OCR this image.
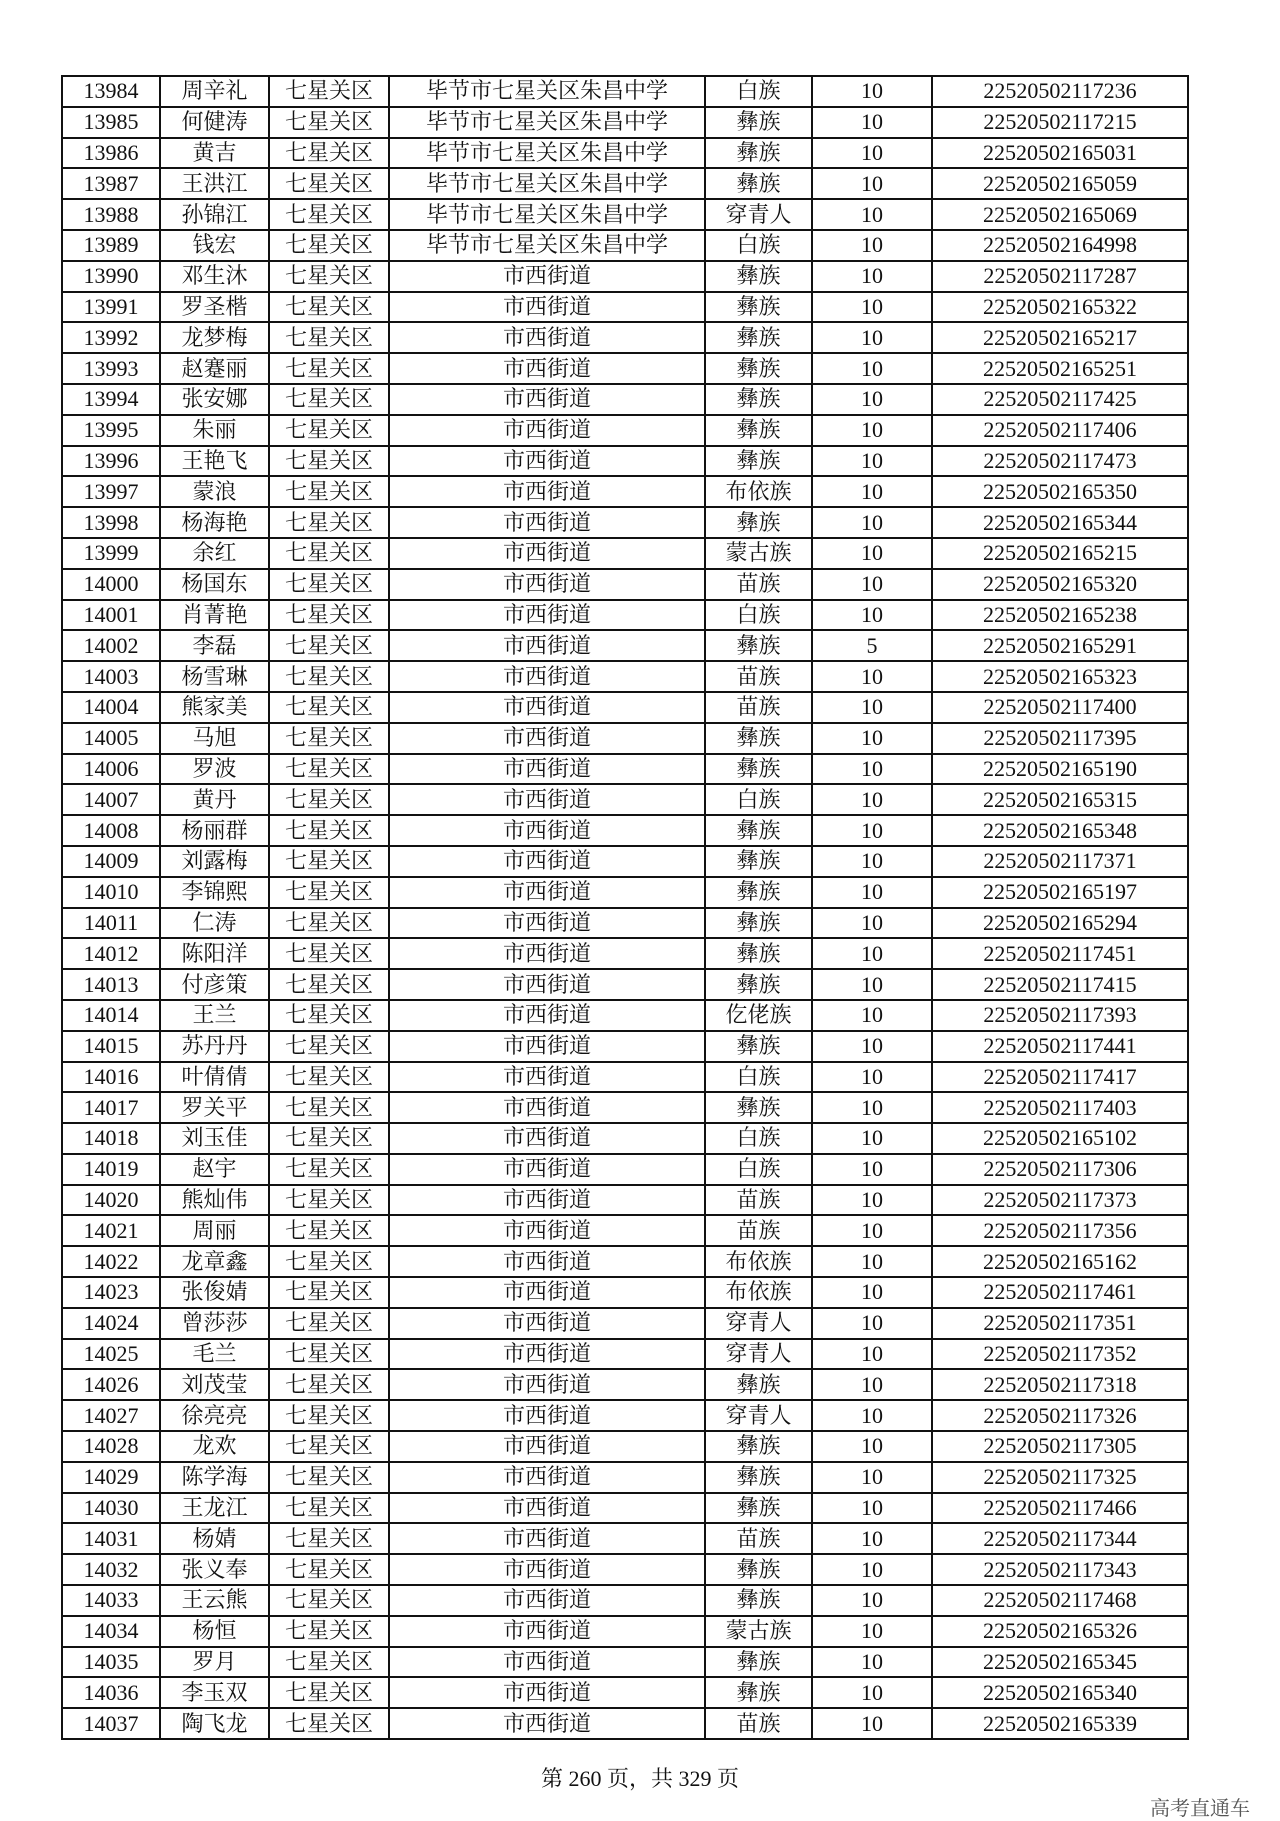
13984	周辛礼	七星关区	毕节市七星关区朱昌中学	白族	10	22520502117236
13985	何健涛	七星关区	毕节市七星关区朱昌中学	彝族	10	22520502117215
13986	黄吉	七星关区	毕节市七星关区朱昌中学	彝族	10	22520502165031
13987	王洪江	七星关区	毕节市七星关区朱昌中学	彝族	10	22520502165059
13988	孙锦江	七星关区	毕节市七星关区朱昌中学	穿青人	10	22520502165069
13989	钱宏	七星关区	毕节市七星关区朱昌中学	白族	10	22520502164998
13990	邓生沐	七星关区	市西街道	彝族	10	22520502117287
13991	罗圣楷	七星关区	市西街道	彝族	10	22520502165322
13992	龙梦梅	七星关区	市西街道	彝族	10	22520502165217
13993	赵蹇丽	七星关区	市西街道	彝族	10	22520502165251
13994	张安娜	七星关区	市西街道	彝族	10	22520502117425
13995	朱丽	七星关区	市西街道	彝族	10	22520502117406
13996	王艳飞	七星关区	市西街道	彝族	10	22520502117473
13997	蒙浪	七星关区	市西街道	布依族	10	22520502165350
13998	杨海艳	七星关区	市西街道	彝族	10	22520502165344
13999	余红	七星关区	市西街道	蒙古族	10	22520502165215
14000	杨国东	七星关区	市西街道	苗族	10	22520502165320
14001	肖菁艳	七星关区	市西街道	白族	10	22520502165238
14002	李磊	七星关区	市西街道	彝族	5	22520502165291
14003	杨雪琳	七星关区	市西街道	苗族	10	22520502165323
14004	熊家美	七星关区	市西街道	苗族	10	22520502117400
14005	马旭	七星关区	市西街道	彝族	10	22520502117395
14006	罗波	七星关区	市西街道	彝族	10	22520502165190
14007	黄丹	七星关区	市西街道	白族	10	22520502165315
14008	杨丽群	七星关区	市西街道	彝族	10	22520502165348
14009	刘露梅	七星关区	市西街道	彝族	10	22520502117371
14010	李锦熙	七星关区	市西街道	彝族	10	22520502165197
14011	仁涛	七星关区	市西街道	彝族	10	22520502165294
14012	陈阳洋	七星关区	市西街道	彝族	10	22520502117451
14013	付彦策	七星关区	市西街道	彝族	10	22520502117415
14014	王兰	七星关区	市西街道	仡佬族	10	22520502117393
14015	苏丹丹	七星关区	市西街道	彝族	10	22520502117441
14016	叶倩倩	七星关区	市西街道	白族	10	22520502117417
14017	罗关平	七星关区	市西街道	彝族	10	22520502117403
14018	刘玉佳	七星关区	市西街道	白族	10	22520502165102
14019	赵宇	七星关区	市西街道	白族	10	22520502117306
14020	熊灿伟	七星关区	市西街道	苗族	10	22520502117373
14021	周丽	七星关区	市西街道	苗族	10	22520502117356
14022	龙章鑫	七星关区	市西街道	布依族	10	22520502165162
14023	张俊婧	七星关区	市西街道	布依族	10	22520502117461
14024	曾莎莎	七星关区	市西街道	穿青人	10	22520502117351
14025	毛兰	七星关区	市西街道	穿青人	10	22520502117352
14026	刘茂莹	七星关区	市西街道	彝族	10	22520502117318
14027	徐亮亮	七星关区	市西街道	穿青人	10	22520502117326
14028	龙欢	七星关区	市西街道	彝族	10	22520502117305
14029	陈学海	七星关区	市西街道	彝族	10	22520502117325
14030	王龙江	七星关区	市西街道	彝族	10	22520502117466
14031	杨婧	七星关区	市西街道	苗族	10	22520502117344
14032	张义奉	七星关区	市西街道	彝族	10	22520502117343
14033	王云熊	七星关区	市西街道	彝族	10	22520502117468
14034	杨恒	七星关区	市西街道	蒙古族	10	22520502165326
14035	罗月	七星关区	市西街道	彝族	10	22520502165345
14036	李玉双	七星关区	市西街道	彝族	10	22520502165340
14037	陶飞龙	七星关区	市西街道	苗族	10	22520502165339
第 260 页，共 329 页
高考直通车
